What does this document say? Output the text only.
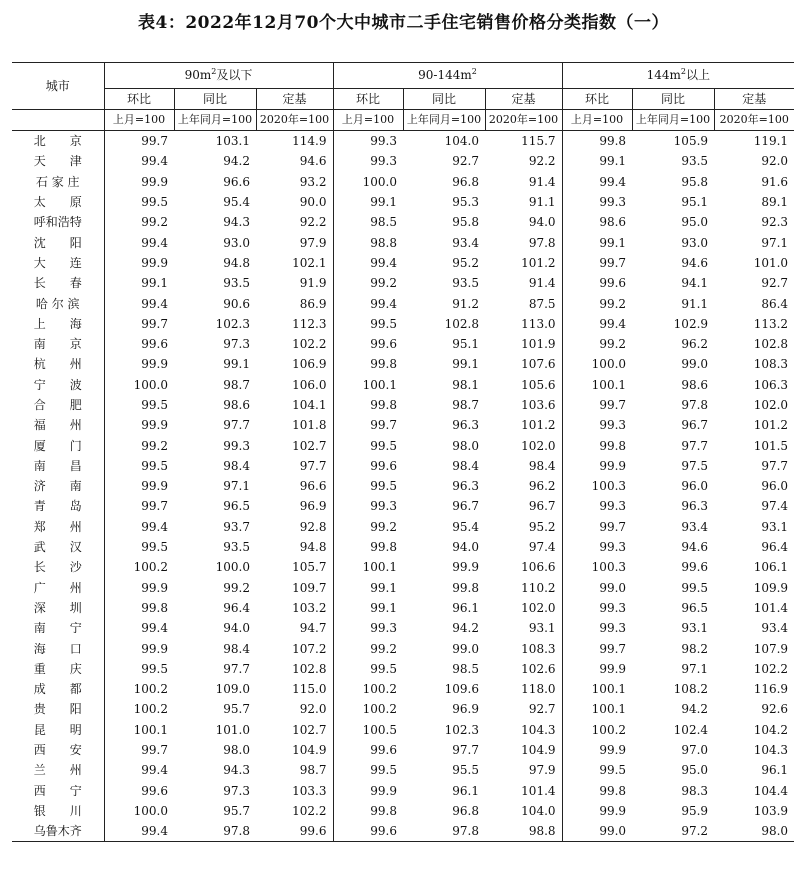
表4：2022年12月70个大中城市二手住宅销售价格分类指数（一）
城市	$90m^2$及以下			$90-144m^2$			$144m^2$以上		
	环比	同比	定基	环比	同比	定基	环比	同比	定基
	上月=100	上年同月=100	2020年=100	上月=100	上年同月=100	2020年=100	上月=100	上年同月=100	2020年=100
北　　京	99.7	103.1	114.9	99.3	104.0	115.7	99.8	105.9	119.1
天　　津	99.4	94.2	94.6	99.3	92.7	92.2	99.1	93.5	92.0
石 家 庄	99.9	96.6	93.2	100.0	96.8	91.4	99.4	95.8	91.6
太　　原	99.5	95.4	90.0	99.1	95.3	91.1	99.3	95.1	89.1
呼和浩特	99.2	94.3	92.2	98.5	95.8	94.0	98.6	95.0	92.3
沈　　阳	99.4	93.0	97.9	98.8	93.4	97.8	99.1	93.0	97.1
大　　连	99.9	94.8	102.1	99.4	95.2	101.2	99.7	94.6	101.0
长　　春	99.1	93.5	91.9	99.2	93.5	91.4	99.6	94.1	92.7
哈 尔 滨	99.4	90.6	86.9	99.4	91.2	87.5	99.2	91.1	86.4
上　　海	99.7	102.3	112.3	99.5	102.8	113.0	99.4	102.9	113.2
南　　京	99.6	97.3	102.2	99.6	95.1	101.9	99.2	96.2	102.8
杭　　州	99.9	99.1	106.9	99.8	99.1	107.6	100.0	99.0	108.3
宁　　波	100.0	98.7	106.0	100.1	98.1	105.6	100.1	98.6	106.3
合　　肥	99.5	98.6	104.1	99.8	98.7	103.6	99.7	97.8	102.0
福　　州	99.9	97.7	101.8	99.7	96.3	101.2	99.3	96.7	101.2
厦　　门	99.2	99.3	102.7	99.5	98.0	102.0	99.8	97.7	101.5
南　　昌	99.5	98.4	97.7	99.6	98.4	98.4	99.9	97.5	97.7
济　　南	99.9	97.1	96.6	99.5	96.3	96.2	100.3	96.0	96.0
青　　岛	99.7	96.5	96.9	99.3	96.7	96.7	99.3	96.3	97.4
郑　　州	99.4	93.7	92.8	99.2	95.4	95.2	99.7	93.4	93.1
武　　汉	99.5	93.5	94.8	99.8	94.0	97.4	99.3	94.6	96.4
长　　沙	100.2	100.0	105.7	100.1	99.9	106.6	100.3	99.6	106.1
广　　州	99.9	99.2	109.7	99.1	99.8	110.2	99.0	99.5	109.9
深　　圳	99.8	96.4	103.2	99.1	96.1	102.0	99.3	96.5	101.4
南　　宁	99.4	94.0	94.7	99.3	94.2	93.1	99.3	93.1	93.4
海　　口	99.9	98.4	107.2	99.2	99.0	108.3	99.7	98.2	107.9
重　　庆	99.5	97.7	102.8	99.5	98.5	102.6	99.9	97.1	102.2
成　　都	100.2	109.0	115.0	100.2	109.6	118.0	100.1	108.2	116.9
贵　　阳	100.2	95.7	92.0	100.2	96.9	92.7	100.1	94.2	92.6
昆　　明	100.1	101.0	102.7	100.5	102.3	104.3	100.2	102.4	104.2
西　　安	99.7	98.0	104.9	99.6	97.7	104.9	99.9	97.0	104.3
兰　　州	99.4	94.3	98.7	99.5	95.5	97.9	99.5	95.0	96.1
西　　宁	99.6	97.3	103.3	99.9	96.1	101.4	99.8	98.3	104.4
银　　川	100.0	95.7	102.2	99.8	96.8	104.0	99.9	95.9	103.9
乌鲁木齐	99.4	97.8	99.6	99.6	97.8	98.8	99.0	97.2	98.0
